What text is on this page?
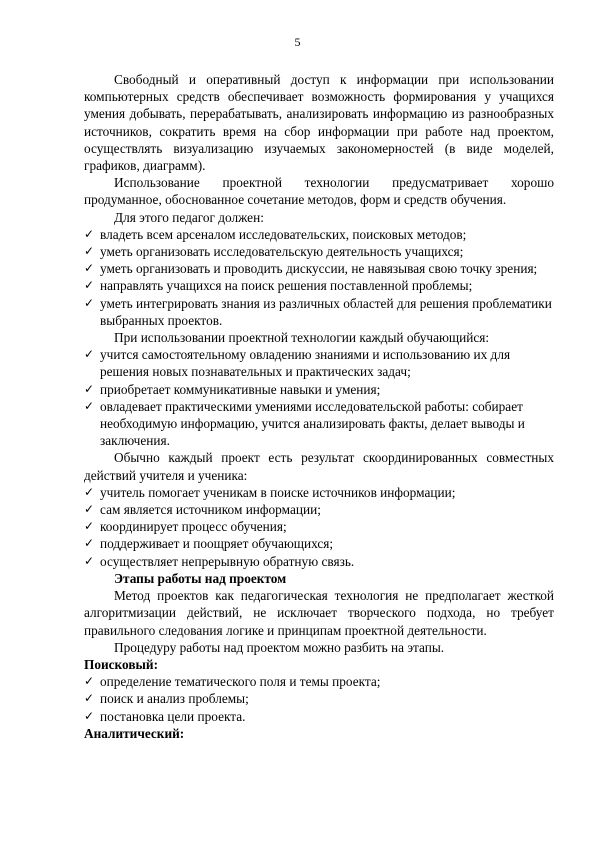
5

Свободный и оперативный доступ к информации при использовании компьютерных средств обеспечивает возможность формирования у учащихся умения добывать, перерабатывать, анализировать информацию из разнообразных источников, сократить время на сбор информации при работе над проектом, осуществлять визуализацию изучаемых закономерностей (в виде моделей, графиков, диаграмм).

Использование проектной технологии предусматривает хорошо продуманное, обоснованное сочетание методов, форм и средств обучения.

Для этого педагог должен:

✓ владеть всем арсеналом исследовательских, поисковых методов;
✓ уметь организовать исследовательскую деятельность учащихся;
✓ уметь организовать и проводить дискуссии, не навязывая свою точку зрения;
✓ направлять учащихся на поиск решения поставленной проблемы;
✓ уметь интегрировать знания из различных областей для решения проблематики выбранных проектов.

При использовании проектной технологии каждый обучающийся:

✓ учится самостоятельному овладению знаниями и использованию их для решения новых познавательных и практических задач;
✓ приобретает коммуникативные навыки и умения;
✓ овладевает практическими умениями исследовательской работы: собирает необходимую информацию, учится анализировать факты, делает выводы и заключения.

Обычно каждый проект есть результат скоординированных совместных действий учителя и ученика:

✓ учитель помогает ученикам в поиске источников информации;
✓ сам является источником информации;
✓ координирует процесс обучения;
✓ поддерживает и поощряет обучающихся;
✓ осуществляет непрерывную обратную связь.

Этапы работы над проектом

Метод проектов как педагогическая технология не предполагает жесткой алгоритмизации действий, не исключает творческого подхода, но требует правильного следования логике и принципам проектной деятельности.

Процедуру работы над проектом можно разбить на этапы.

Поисковый:

✓ определение тематического поля и темы проекта;
✓ поиск и анализ проблемы;
✓ постановка цели проекта.

Аналитический:
